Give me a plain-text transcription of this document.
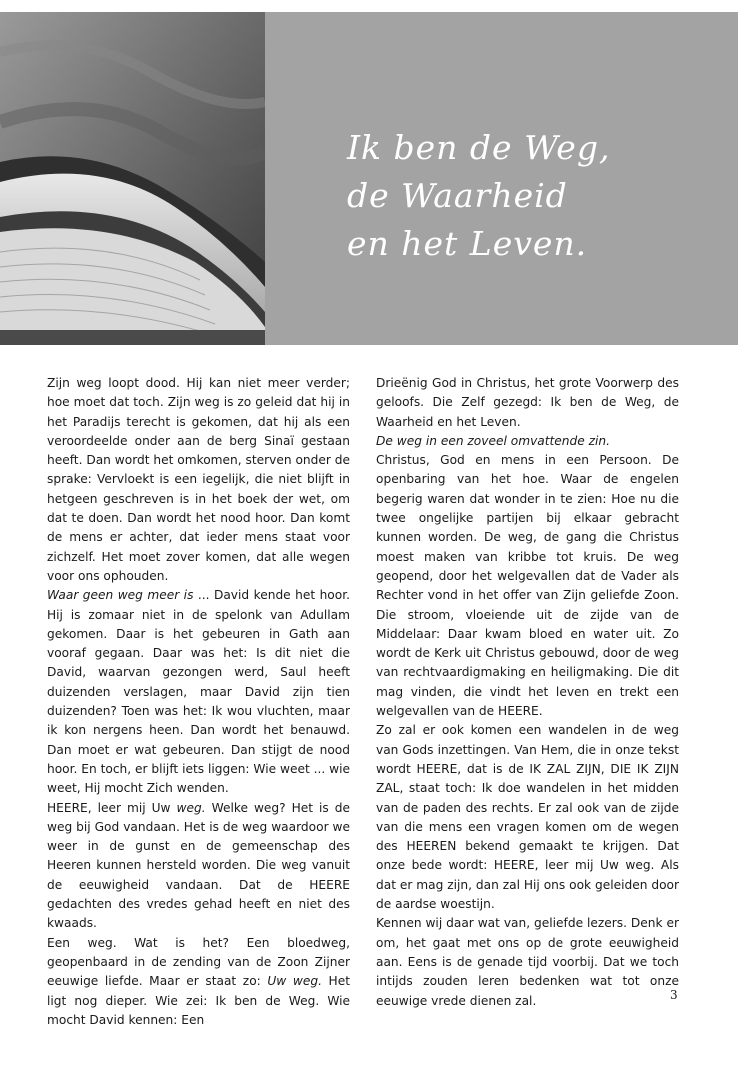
Ik ben de Weg,
de Waarheid
en het Leven.

Zijn weg loopt dood. Hij kan niet meer verder; hoe moet dat toch. Zijn weg is zo geleid dat hij in het Paradijs terecht is gekomen, dat hij als een veroordeelde onder aan de berg Sinaï gestaan heeft. Dan wordt het omkomen, sterven onder de sprake: Vervloekt is een iegelijk, die niet blijft in hetgeen geschreven is in het boek der wet, om dat te doen. Dan wordt het nood hoor. Dan komt de mens er achter, dat ieder mens staat voor zichzelf. Het moet zover komen, dat alle wegen voor ons ophouden.

Waar geen weg meer is ... David kende het hoor. Hij is zomaar niet in de spelonk van Adullam gekomen. Daar is het gebeuren in Gath aan vooraf gegaan. Daar was het: Is dit niet die David, waarvan gezongen werd, Saul heeft duizenden verslagen, maar David zijn tien duizenden? Toen was het: Ik wou vluchten, maar ik kon nergens heen. Dan wordt het benauwd. Dan moet er wat gebeuren. Dan stijgt de nood hoor. En toch, er blijft iets liggen: Wie weet ... wie weet, Hij mocht Zich wenden.

HEERE, leer mij Uw weg. Welke weg? Het is de weg bij God vandaan. Het is de weg waardoor we weer in de gunst en de gemeenschap des Heeren kunnen hersteld worden. Die weg vanuit de eeuwigheid vandaan. Dat de HEERE gedachten des vredes gehad heeft en niet des kwaads.

Een weg. Wat is het? Een bloedweg, geopenbaard in de zending van de Zoon Zijner eeuwige liefde. Maar er staat zo: Uw weg. Het ligt nog dieper. Wie zei: Ik ben de Weg. Wie mocht David kennen: Een

Drieënig God in Christus, het grote Voorwerp des geloofs. Die Zelf gezegd: Ik ben de Weg, de Waarheid en het Leven.

De weg in een zoveel omvattende zin.

Christus, God en mens in een Persoon. De openbaring van het hoe. Waar de engelen begerig waren dat wonder in te zien: Hoe nu die twee ongelijke partijen bij elkaar gebracht kunnen worden. De weg, de gang die Christus moest maken van kribbe tot kruis. De weg geopend, door het welgevallen dat de Vader als Rechter vond in het offer van Zijn geliefde Zoon. Die stroom, vloeiende uit de zijde van de Middelaar: Daar kwam bloed en water uit. Zo wordt de Kerk uit Christus gebouwd, door de weg van rechtvaardigmaking en heiligmaking. Die dit mag vinden, die vindt het leven en trekt een welgevallen van de HEERE.

Zo zal er ook komen een wandelen in de weg van Gods inzettingen. Van Hem, die in onze tekst wordt HEERE, dat is de IK ZAL ZIJN, DIE IK ZIJN ZAL, staat toch: Ik doe wandelen in het midden van de paden des rechts. Er zal ook van de zijde van die mens een vragen komen om de wegen des HEEREN bekend gemaakt te krijgen. Dat onze bede wordt: HEERE, leer mij Uw weg. Als dat er mag zijn, dan zal Hij ons ook geleiden door de aardse woestijn.

Kennen wij daar wat van, geliefde lezers. Denk er om, het gaat met ons op de grote eeuwigheid aan. Eens is de genade tijd voorbij. Dat we toch intijds zouden leren bedenken wat tot onze eeuwige vrede dienen zal.	3
